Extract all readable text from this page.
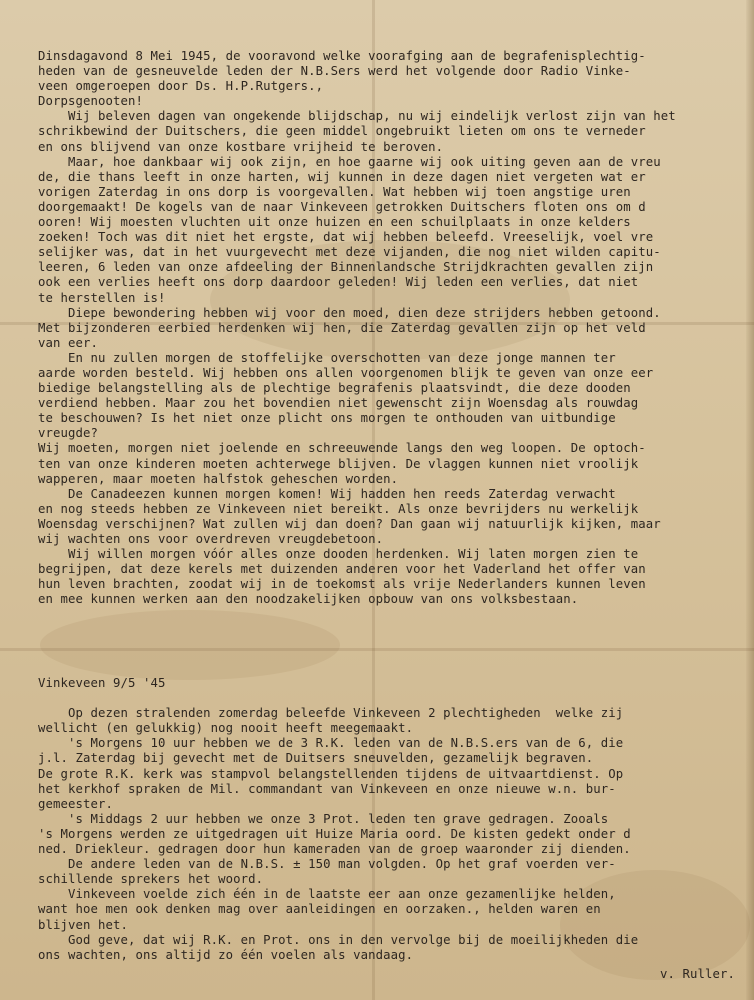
Dinsdagavond 8 Mei 1945, de vooravond welke voorafging aan de begrafenisplechtig-
heden van de gesneuvelde leden der N.B.Sers werd het volgende door Radio Vinke-
veen omgeroepen door Ds. H.P.Rutgers.,
Dorpsgenooten!
Wij beleven dagen van ongekende blijdschap, nu wij eindelijk verlost zijn van het
schrikbewind der Duitschers, die geen middel ongebruikt lieten om ons te verneder
en ons blijvend van onze kostbare vrijheid te beroven.
Maar, hoe dankbaar wij ook zijn, en hoe gaarne wij ook uiting geven aan de vreu
de, die thans leeft in onze harten, wij kunnen in deze dagen niet vergeten wat er
vorigen Zaterdag in ons dorp is voorgevallen. Wat hebben wij toen angstige uren
doorgemaakt! De kogels van de naar Vinkeveen getrokken Duitschers floten ons om d
ooren! Wij moesten vluchten uit onze huizen en een schuilplaats in onze kelders
zoeken! Toch was dit niet het ergste, dat wij hebben beleefd. Vreeselijk, voel vre
selijker was, dat in het vuurgevecht met deze vijanden, die nog niet wilden capitu-
leeren, 6 leden van onze afdeeling der Binnenlandsche Strijdkrachten gevallen zijn
ook een verlies heeft ons dorp daardoor geleden! Wij leden een verlies, dat niet
te herstellen is!
Diepe bewondering hebben wij voor den moed, dien deze strijders hebben getoond.
Met bijzonderen eerbied herdenken wij hen, die Zaterdag gevallen zijn op het veld
van eer.
En nu zullen morgen de stoffelijke overschotten van deze jonge mannen ter
aarde worden besteld. Wij hebben ons allen voorgenomen blijk te geven van onze eer
biedige belangstelling als de plechtige begrafenis plaatsvindt, die deze dooden
verdiend hebben. Maar zou het bovendien niet gewenscht zijn Woensdag als rouwdag
te beschouwen? Is het niet onze plicht ons morgen te onthouden van uitbundige
vreugde?
Wij moeten, morgen niet joelende en schreeuwende langs den weg loopen. De optoch-
ten van onze kinderen moeten achterwege blijven. De vlaggen kunnen niet vroolijk
wapperen, maar moeten halfstok geheschen worden.
De Canadeezen kunnen morgen komen! Wij hadden hen reeds Zaterdag verwacht
en nog steeds hebben ze Vinkeveen niet bereikt. Als onze bevrijders nu werkelijk
Woensdag verschijnen? Wat zullen wij dan doen? Dan gaan wij natuurlijk kijken, maar
wij wachten ons voor overdreven vreugdebetoon.
Wij willen morgen vóór alles onze dooden herdenken. Wij laten morgen zien te
begrijpen, dat deze kerels met duizenden anderen voor het Vaderland het offer van
hun leven brachten, zoodat wij in de toekomst als vrije Nederlanders kunnen leven
en mee kunnen werken aan den noodzakelijken opbouw van ons volksbestaan.
Vinkeveen 9/5 '45
Op dezen stralenden zomerdag beleefde Vinkeveen 2 plechtigheden  welke zij
wellicht (en gelukkig) nog nooit heeft meegemaakt.
's Morgens 10 uur hebben we de 3 R.K. leden van de N.B.S.ers van de 6, die
j.l. Zaterdag bij gevecht met de Duitsers sneuvelden, gezamelijk begraven.
De grote R.K. kerk was stampvol belangstellenden tijdens de uitvaartdienst. Op
het kerkhof spraken de Mil. commandant van Vinkeveen en onze nieuwe w.n. bur-
gemeester.
's Middags 2 uur hebben we onze 3 Prot. leden ten grave gedragen. Zooals
's Morgens werden ze uitgedragen uit Huize Maria oord. De kisten gedekt onder d
ned. Driekleur. gedragen door hun kameraden van de groep waaronder zij dienden.
De andere leden van de N.B.S. ± 150 man volgden. Op het graf voerden ver-
schillende sprekers het woord.
Vinkeveen voelde zich één in de laatste eer aan onze gezamenlijke helden,
want hoe men ook denken mag over aanleidingen en oorzaken., helden waren en
blijven het.
God geve, dat wij R.K. en Prot. ons in den vervolge bij de moeilijkheden die
ons wachten, ons altijd zo één voelen als vandaag.
v. Ruller.
